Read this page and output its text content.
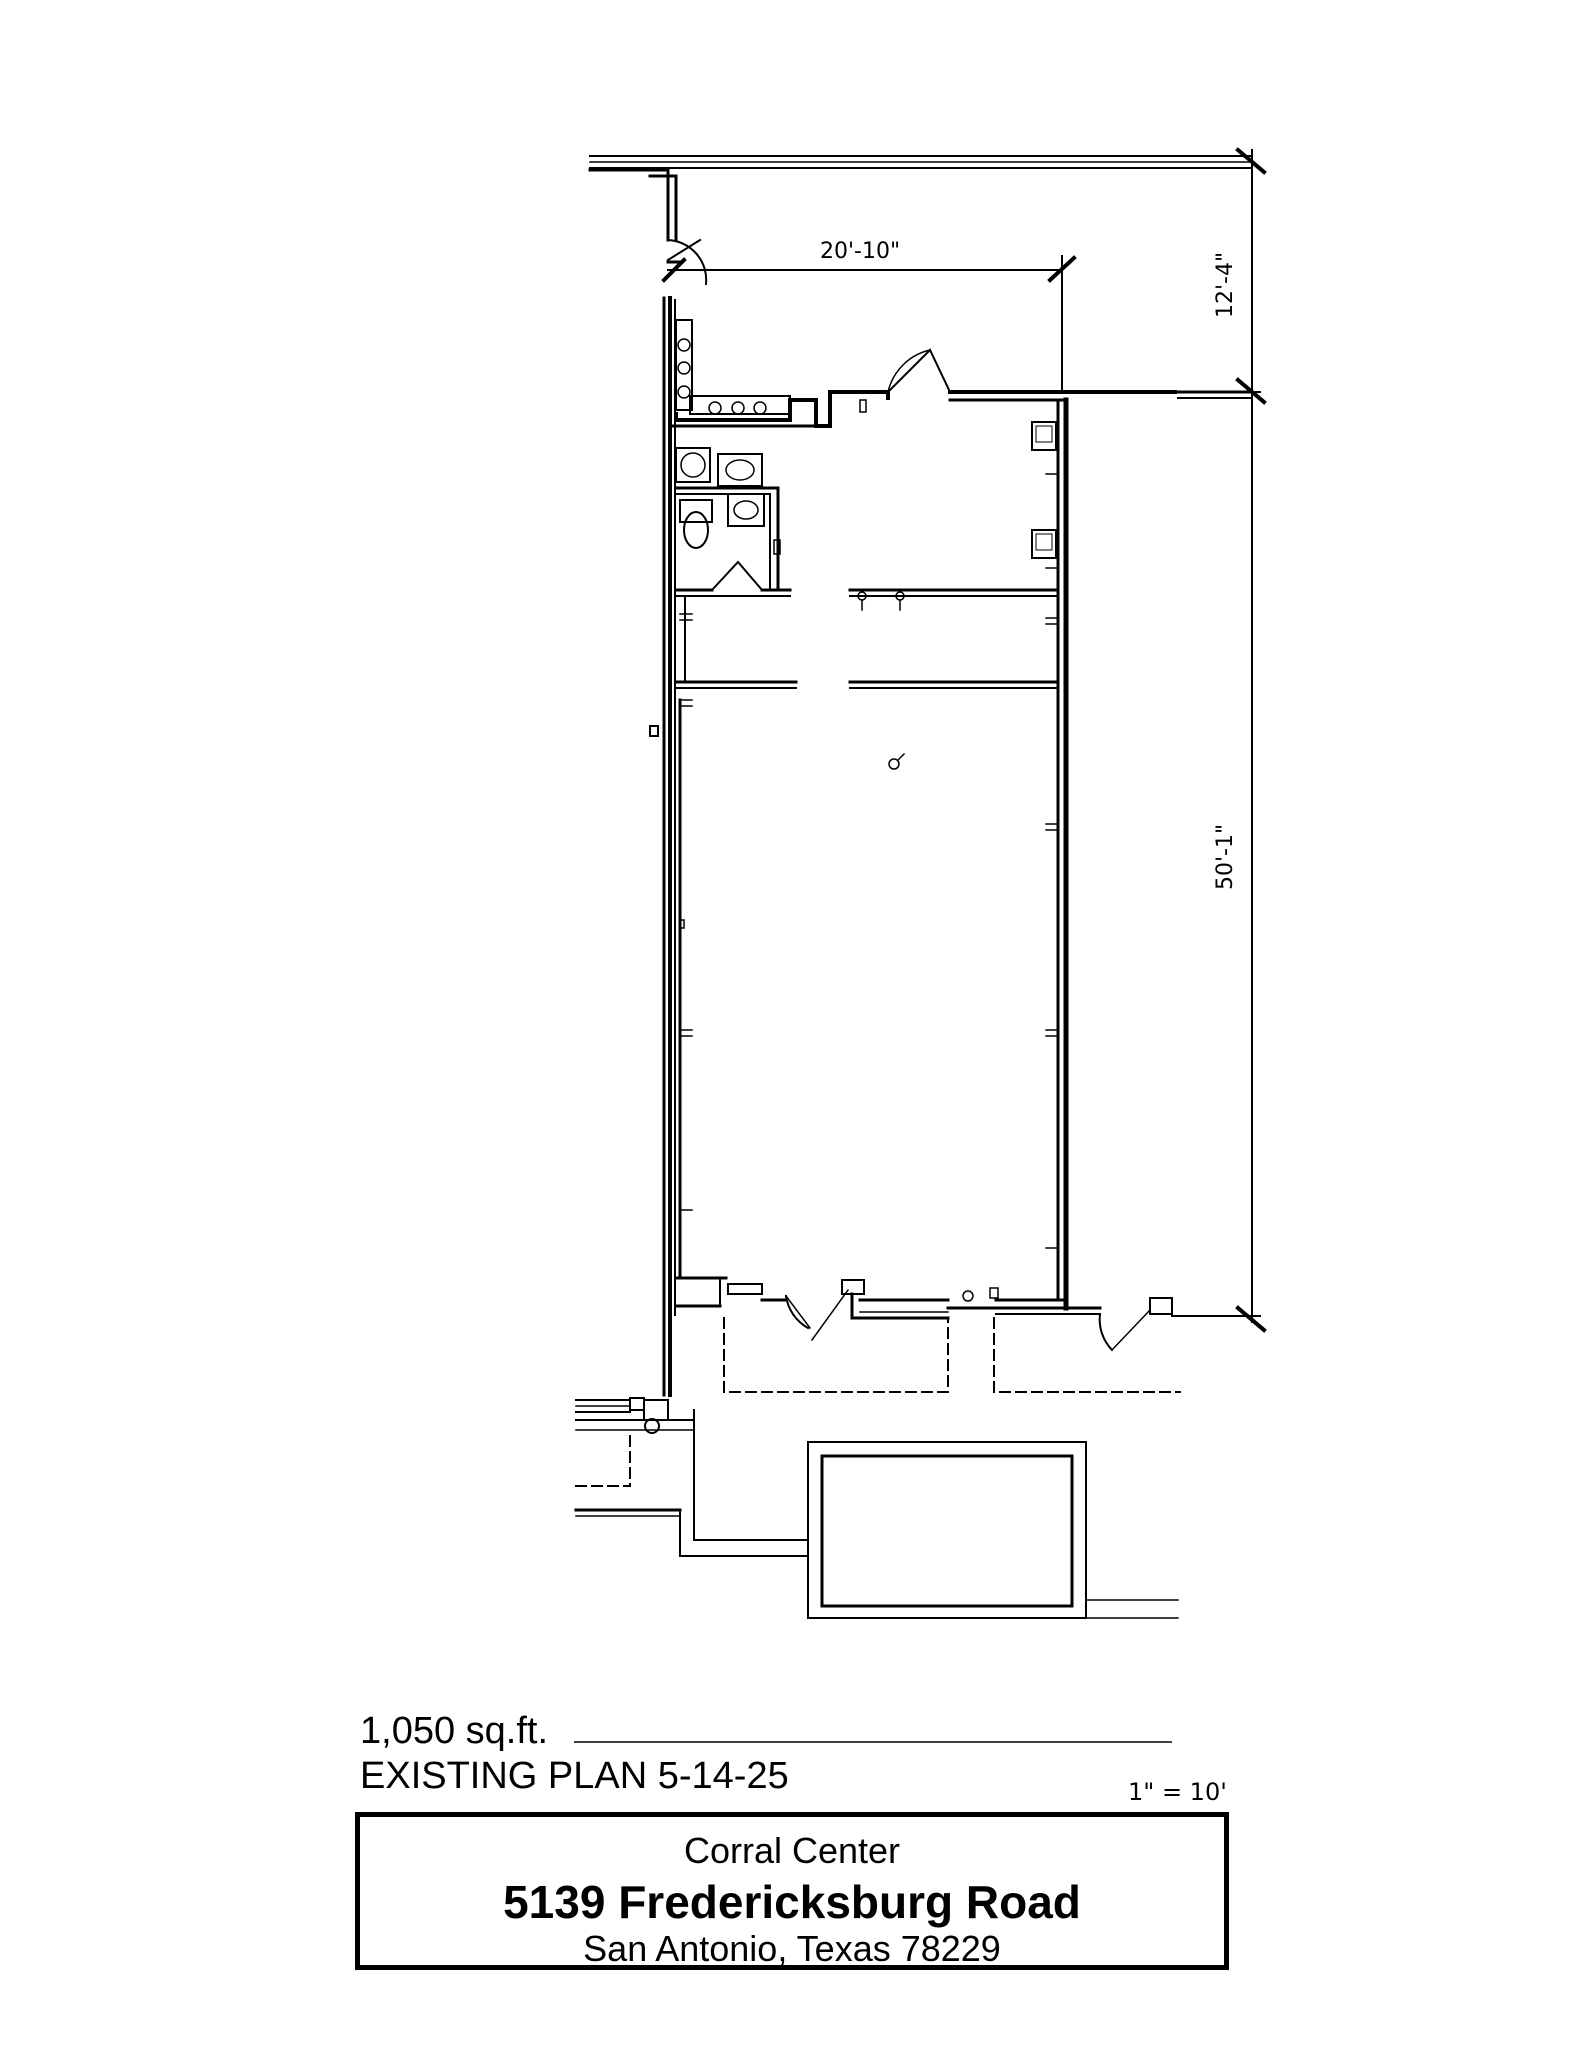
20'-10"
12'-4"
50'-1"
1,050 sq.ft.
EXISTING PLAN 5-14-25	1" = 10'
Corral Center
5139 Fredericksburg Road
San Antonio, Texas 78229
